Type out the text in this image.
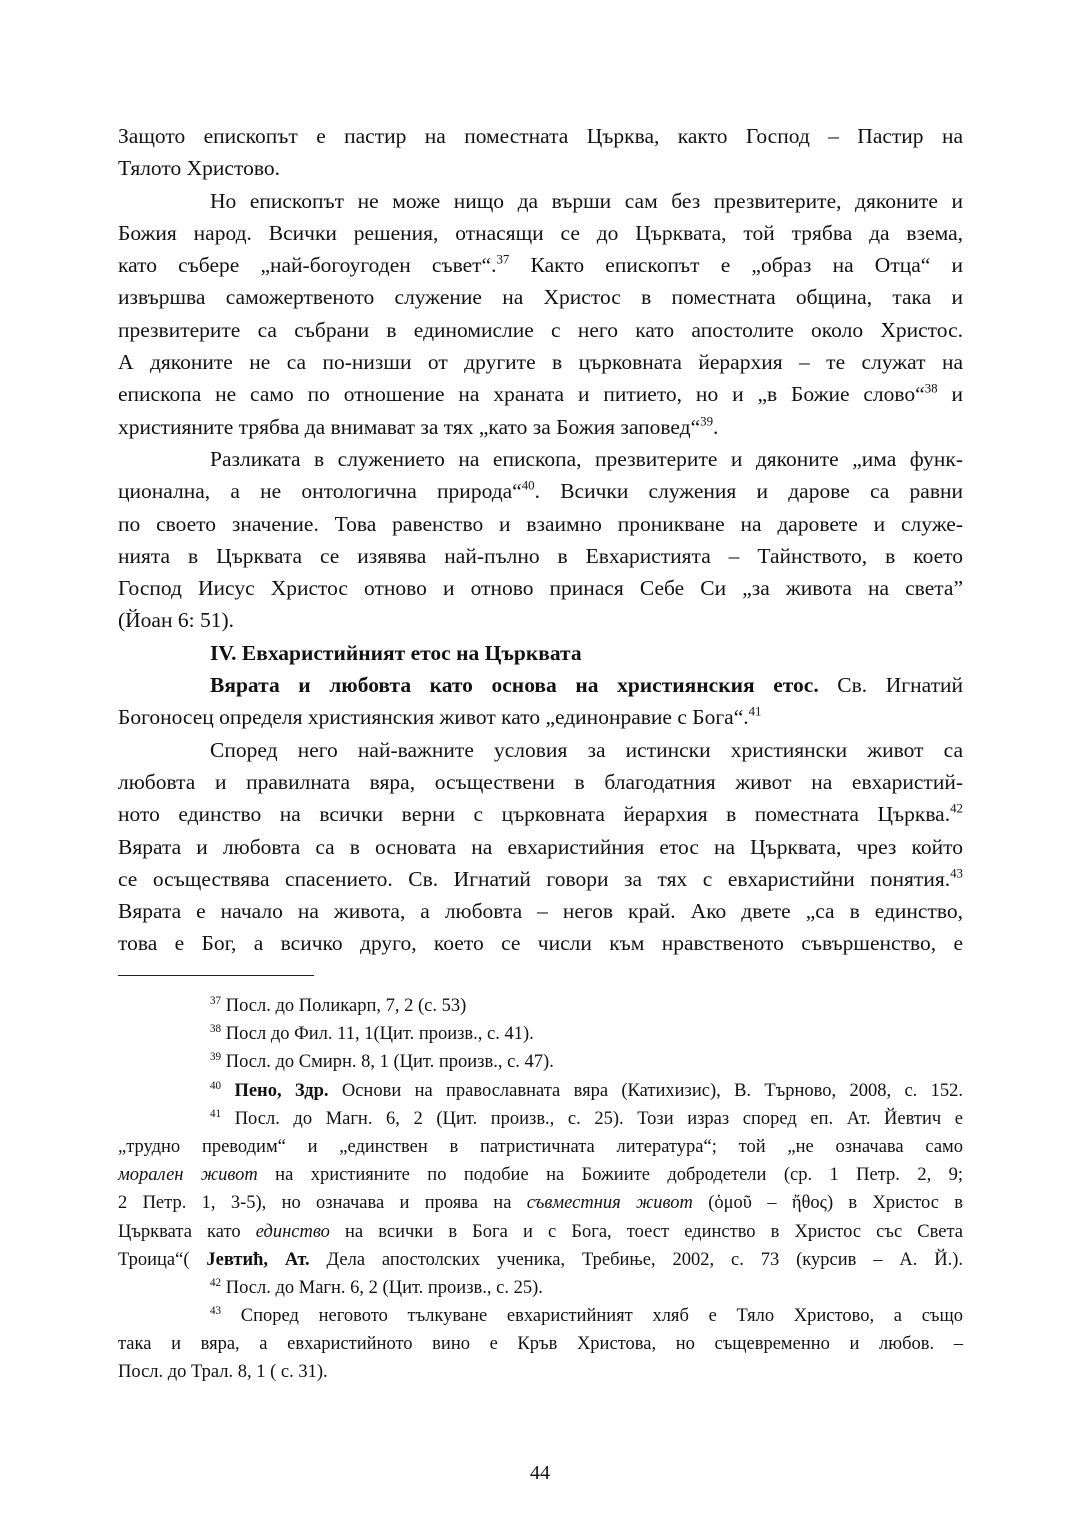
Защото епископът е пастир на поместната Църква, както Господ – Пастир на
Тялото Христово.
Но епископът не може нищо да върши сам без презвитерите, дяконите и
Божия народ. Всички решения, отнасящи се до Църквата, той трябва да взема,
като събере „най-богоугоден съвет“.$^{37}$ Както епископът е „образ на Отца“ и
извършва саможертвеното служение на Христос в поместната община, така и
презвитерите са събрани в единомислие с него като апостолите около Христос.
А дяконите не са по-низши от другите в църковната йерархия – те служат на
епископа не само по отношение на храната и питието, но и „в Божие слово“$^{38}$ и
християните трябва да внимават за тях „като за Божия заповед“$^{39}$.
Разликата в служението на епископа, презвитерите и дяконите „има функ-
ционална, а не онтологична природа“$^{40}$. Всички служения и дарове са равни
по своето значение. Това равенство и взаимно проникване на даровете и служе-
нията в Църквата се изявява най-пълно в Евхаристията – Тайнството, в което
Господ Иисус Христос отново и отново принася Себе Си „за живота на света”
(Йоан 6: 51).
IV. Евхаристийният етос на Църквата
Вярата и любовта като основа на християнския етос. Св. Игнатий
Богоносец определя християнския живот като „единонравие с Бога“.$^{41}$
Според него най-важните условия за истински християнски живот са
любовта и правилната вяра, осъществени в благодатния живот на евхаристий-
ното единство на всички верни с църковната йерархия в поместната Църква.$^{42}$
Вярата и любовта са в основата на евхаристийния етос на Църквата, чрез който
се осъществява спасението. Св. Игнатий говори за тях с евхаристийни понятия.$^{43}$
Вярата е начало на живота, а любовта – негов край. Ако двете „са в единство,
това е Бог, а всичко друго, което се числи към нравственото съвършенство, е
$^{37}$ Посл. до Поликарп, 7, 2 (с. 53)
$^{38}$ Посл до Фил. 11, 1(Цит. произв., с. 41).
$^{39}$ Посл. до Смирн. 8, 1 (Цит. произв., с. 47).
$^{40}$ Пено, Здр. Основи на православната вяра (Катихизис), В. Търново, 2008, с. 152.
$^{41}$ Посл. до Магн. 6, 2 (Цит. произв., с. 25). Този израз според еп. Ат. Йевтич е
„трудно преводим“ и „единствен в патристичната литература“; той „не означава само
морален живот на християните по подобие на Божиите добродетели (ср. 1 Петр. 2, 9;
2 Петр. 1, 3-5), но означава и проява на съвместния живот (ὁμοῦ – ἤθος) в Христос в
Църквата като единство на всички в Бога и с Бога, тоест единство в Христос със Света
Троица“( Јевтић, Ат. Дела апостолских ученика, Требиње, 2002, с. 73 (курсив – А. Й.).
$^{42}$ Посл. до Магн. 6, 2 (Цит. произв., с. 25).
$^{43}$ Според неговото тълкуване евхаристийният хляб е Тяло Христово, а също
така и вяра, а евхаристийното вино е Кръв Христова, но същевременно и любов. –
Посл. до Трал. 8, 1 ( с. 31).
44
